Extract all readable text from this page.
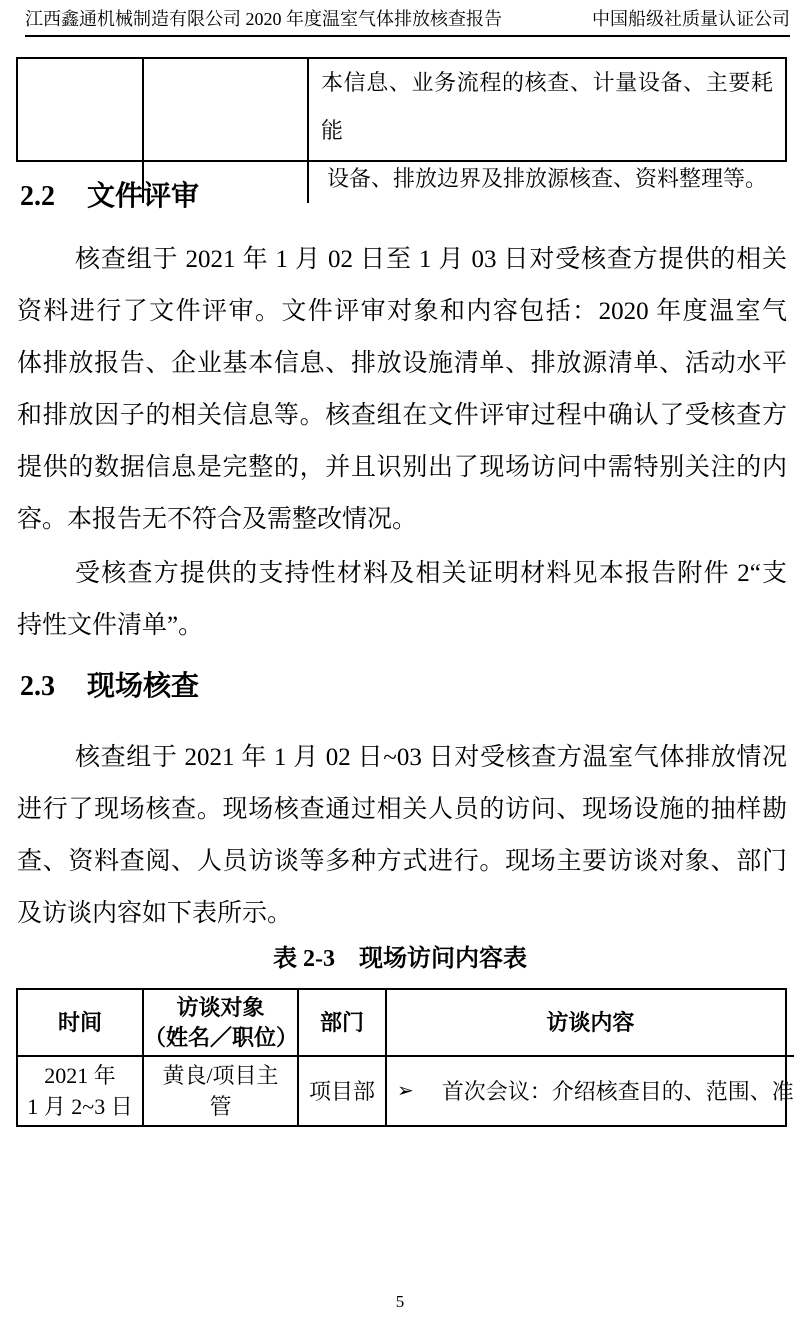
江西鑫通机械制造有限公司 2020 年度温室气体排放核查报告	中国船级社质量认证公司
本信息、业务流程的核查、计量设备、主要耗能
设备、排放边界及排放源核查、资料整理等。
2.2 文件评审
核查组于 2021 年 1 月 02 日至 1 月 03 日对受核查方提供的相关
资料进行了文件评审。文件评审对象和内容包括：2020 年度温室气
体排放报告、企业基本信息、排放设施清单、排放源清单、活动水平
和排放因子的相关信息等。核查组在文件评审过程中确认了受核查方
提供的数据信息是完整的，并且识别出了现场访问中需特别关注的内
容。本报告无不符合及需整改情况。
受核查方提供的支持性材料及相关证明材料见本报告附件 2“支
持性文件清单”。
2.3 现场核查
核查组于 2021 年 1 月 02 日~03 日对受核查方温室气体排放情况
进行了现场核查。现场核查通过相关人员的访问、现场设施的抽样勘
查、资料查阅、人员访谈等多种方式进行。现场主要访谈对象、部门
及访谈内容如下表所示。
表 2-3　现场访问内容表
时间
访谈对象
（姓名／职位）
部门	访谈内容
2021 年
1 月 2~3 日
黄良/项目主
管
项目部 ➢ 首次会议：介绍核查目的、范围、准
5
